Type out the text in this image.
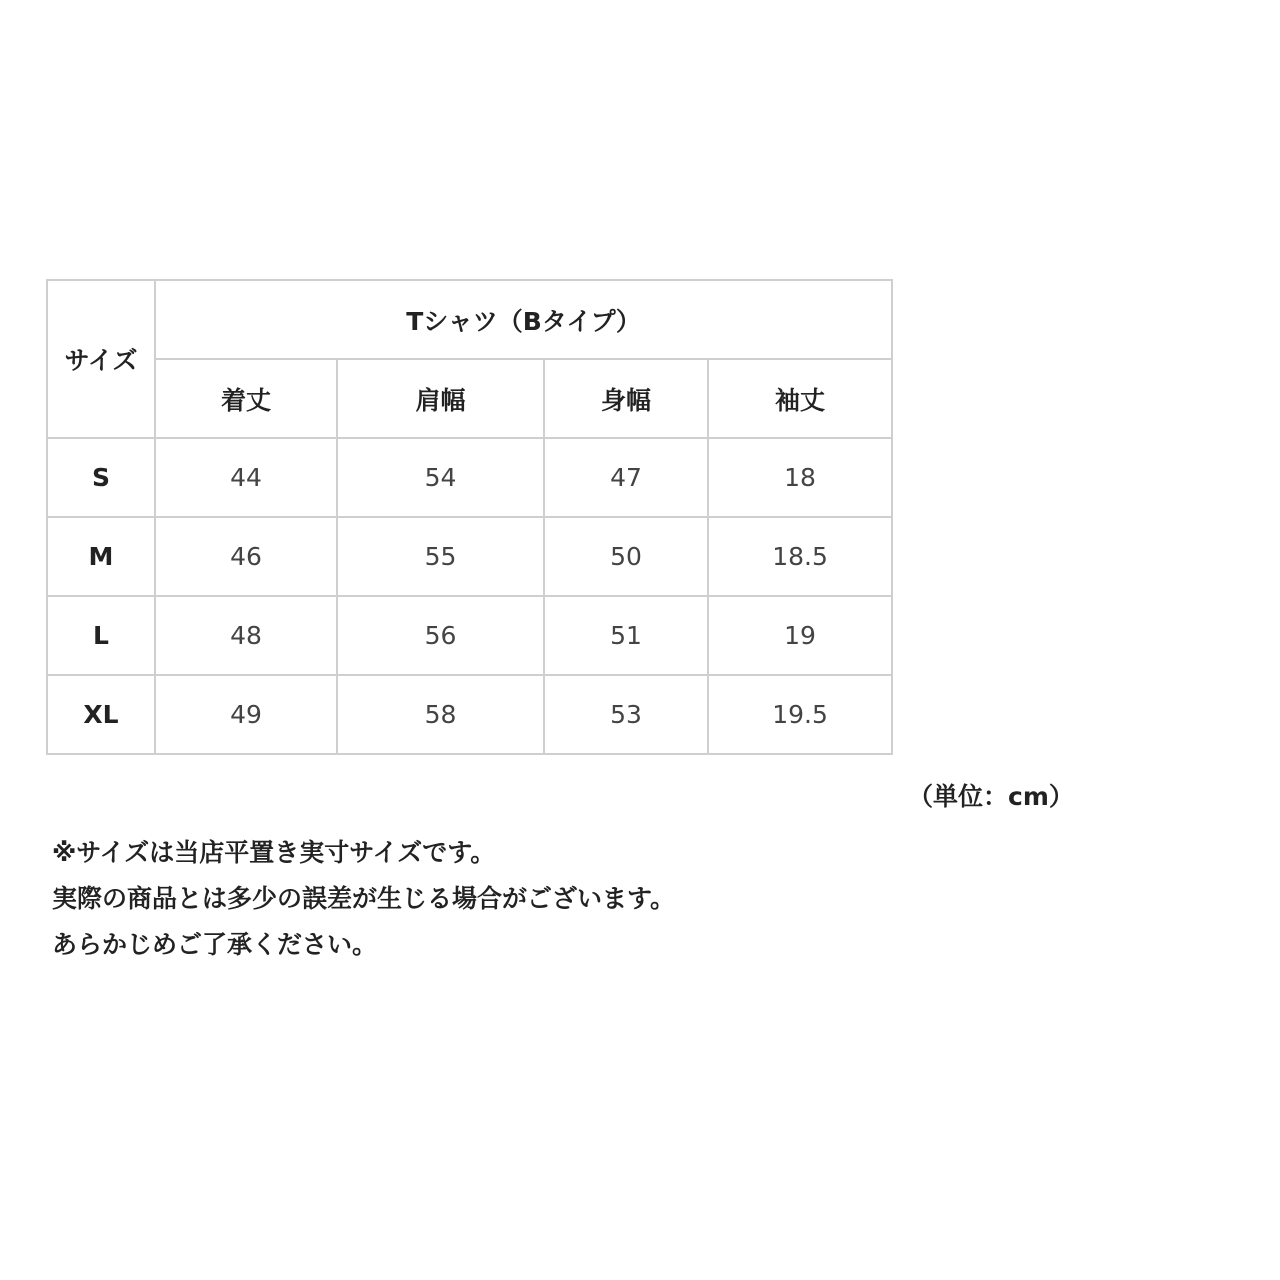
サイズ	Tシャツ（Bタイプ）			
	着丈	肩幅	身幅	袖丈
S	44	54	47	18
M	46	55	50	18.5
L	48	56	51	19
XL	49	58	53	19.5
（単位：cm）
※サイズは当店平置き実寸サイズです。
実際の商品とは多少の誤差が生じる場合がございます。
あらかじめご了承ください。
